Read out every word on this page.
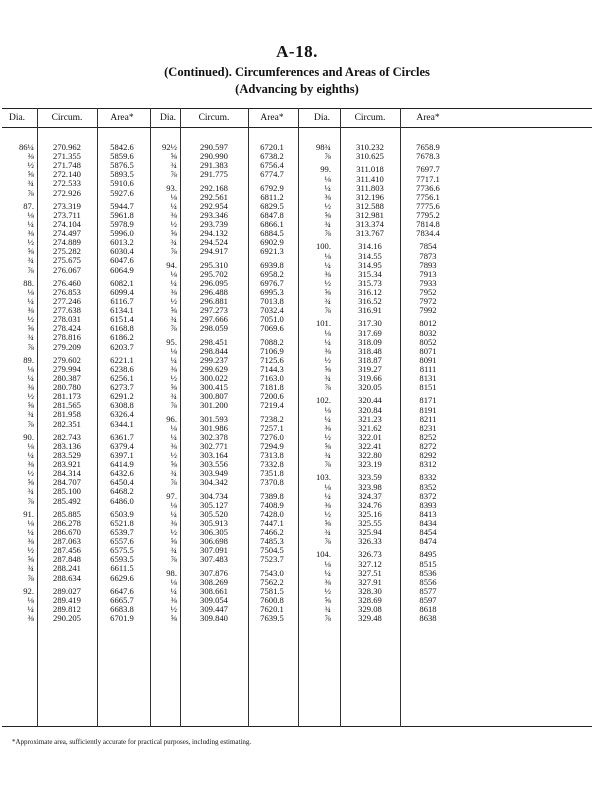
A-18.
(Continued). Circumferences and Areas of Circles
(Advancing by eighths)
Dia.	Circum.	Area*	Dia.	Circum.	Area*	Dia.	Circum.	Area*
86¼	270.962	5842.6
⅜	271.355	5859.6
½	271.748	5876.5
⅝	272.140	5893.5
¾	272.533	5910.6
⅞	272.926	5927.6
87.	273.319	5944.7
⅛	273.711	5961.8
¼	274.104	5978.9
⅜	274.497	5996.0
½	274.889	6013.2
⅝	275.282	6030.4
¾	275.675	6047.6
⅞	276.067	6064.9
88.	276.460	6082.1
⅛	276.853	6099.4
¼	277.246	6116.7
⅜	277.638	6134.1
½	278.031	6151.4
⅝	278.424	6168.8
¾	278.816	6186.2
⅞	279.209	6203.7
89.	279.602	6221.1
⅛	279.994	6238.6
¼	280.387	6256.1
⅜	280.780	6273.7
½	281.173	6291.2
⅝	281.565	6308.8
¾	281.958	6326.4
⅞	282.351	6344.1
90.	282.743	6361.7
⅛	283.136	6379.4
¼	283.529	6397.1
⅜	283.921	6414.9
½	284.314	6432.6
⅝	284.707	6450.4
¾	285.100	6468.2
⅞	285.492	6486.0
91.	285.885	6503.9
⅛	286.278	6521.8
¼	286.670	6539.7
⅜	287.063	6557.6
½	287.456	6575.5
⅝	287.848	6593.5
¾	288.241	6611.5
⅞	288.634	6629.6
92.	289.027	6647.6
⅛	289.419	6665.7
¼	289.812	6683.8
⅜	290.205	6701.9
92½	290.597	6720.1
⅝	290.990	6738.2
¾	291.383	6756.4
⅞	291.775	6774.7
93.	292.168	6792.9
⅛	292.561	6811.2
¼	292.954	6829.5
⅜	293.346	6847.8
½	293.739	6866.1
⅝	294.132	6884.5
¾	294.524	6902.9
⅞	294.917	6921.3
94.	295.310	6939.8
⅛	295.702	6958.2
¼	296.095	6976.7
⅜	296.488	6995.3
½	296.881	7013.8
⅝	297.273	7032.4
¾	297.666	7051.0
⅞	298.059	7069.6
95.	298.451	7088.2
⅛	298.844	7106.9
¼	299.237	7125.6
⅜	299.629	7144.3
½	300.022	7163.0
⅝	300.415	7181.8
¾	300.807	7200.6
⅞	301.200	7219.4
96.	301.593	7238.2
⅛	301.986	7257.1
¼	302.378	7276.0
⅜	302.771	7294.9
½	303.164	7313.8
⅝	303.556	7332.8
¾	303.949	7351.8
⅞	304.342	7370.8
97.	304.734	7389.8
⅛	305.127	7408.9
¼	305.520	7428.0
⅜	305.913	7447.1
½	306.305	7466.2
⅝	306.698	7485.3
¾	307.091	7504.5
⅞	307.483	7523.7
98.	307.876	7543.0
⅛	308.269	7562.2
¼	308.661	7581.5
⅜	309.054	7600.8
½	309.447	7620.1
⅝	309.840	7639.5
98¾	310.232	7658.9
⅞	310.625	7678.3
99.	311.018	7697.7
⅛	311.410	7717.1
¼	311.803	7736.6
⅜	312.196	7756.1
½	312.588	7775.6
⅝	312.981	7795.2
¾	313.374	7814.8
⅞	313.767	7834.4
100.	314.16	7854
⅛	314.55	7873
¼	314.95	7893
⅜	315.34	7913
½	315.73	7933
⅝	316.12	7952
¾	316.52	7972
⅞	316.91	7992
101.	317.30	8012
⅛	317.69	8032
¼	318.09	8052
⅜	318.48	8071
½	318.87	8091
⅝	319.27	8111
¾	319.66	8131
⅞	320.05	8151
102.	320.44	8171
⅛	320.84	8191
¼	321.23	8211
⅜	321.62	8231
½	322.01	8252
⅝	322.41	8272
¾	322.80	8292
⅞	323.19	8312
103.	323.59	8332
⅛	323.98	8352
¼	324.37	8372
⅜	324.76	8393
½	325.16	8413
⅝	325.55	8434
¾	325.94	8454
⅞	326.33	8474
104.	326.73	8495
⅛	327.12	8515
¼	327.51	8536
⅜	327.91	8556
½	328.30	8577
⅝	328.69	8597
¾	329.08	8618
⅞	329.48	8638
*Approximate area, sufficiently accurate for practical purposes, including estimating.
